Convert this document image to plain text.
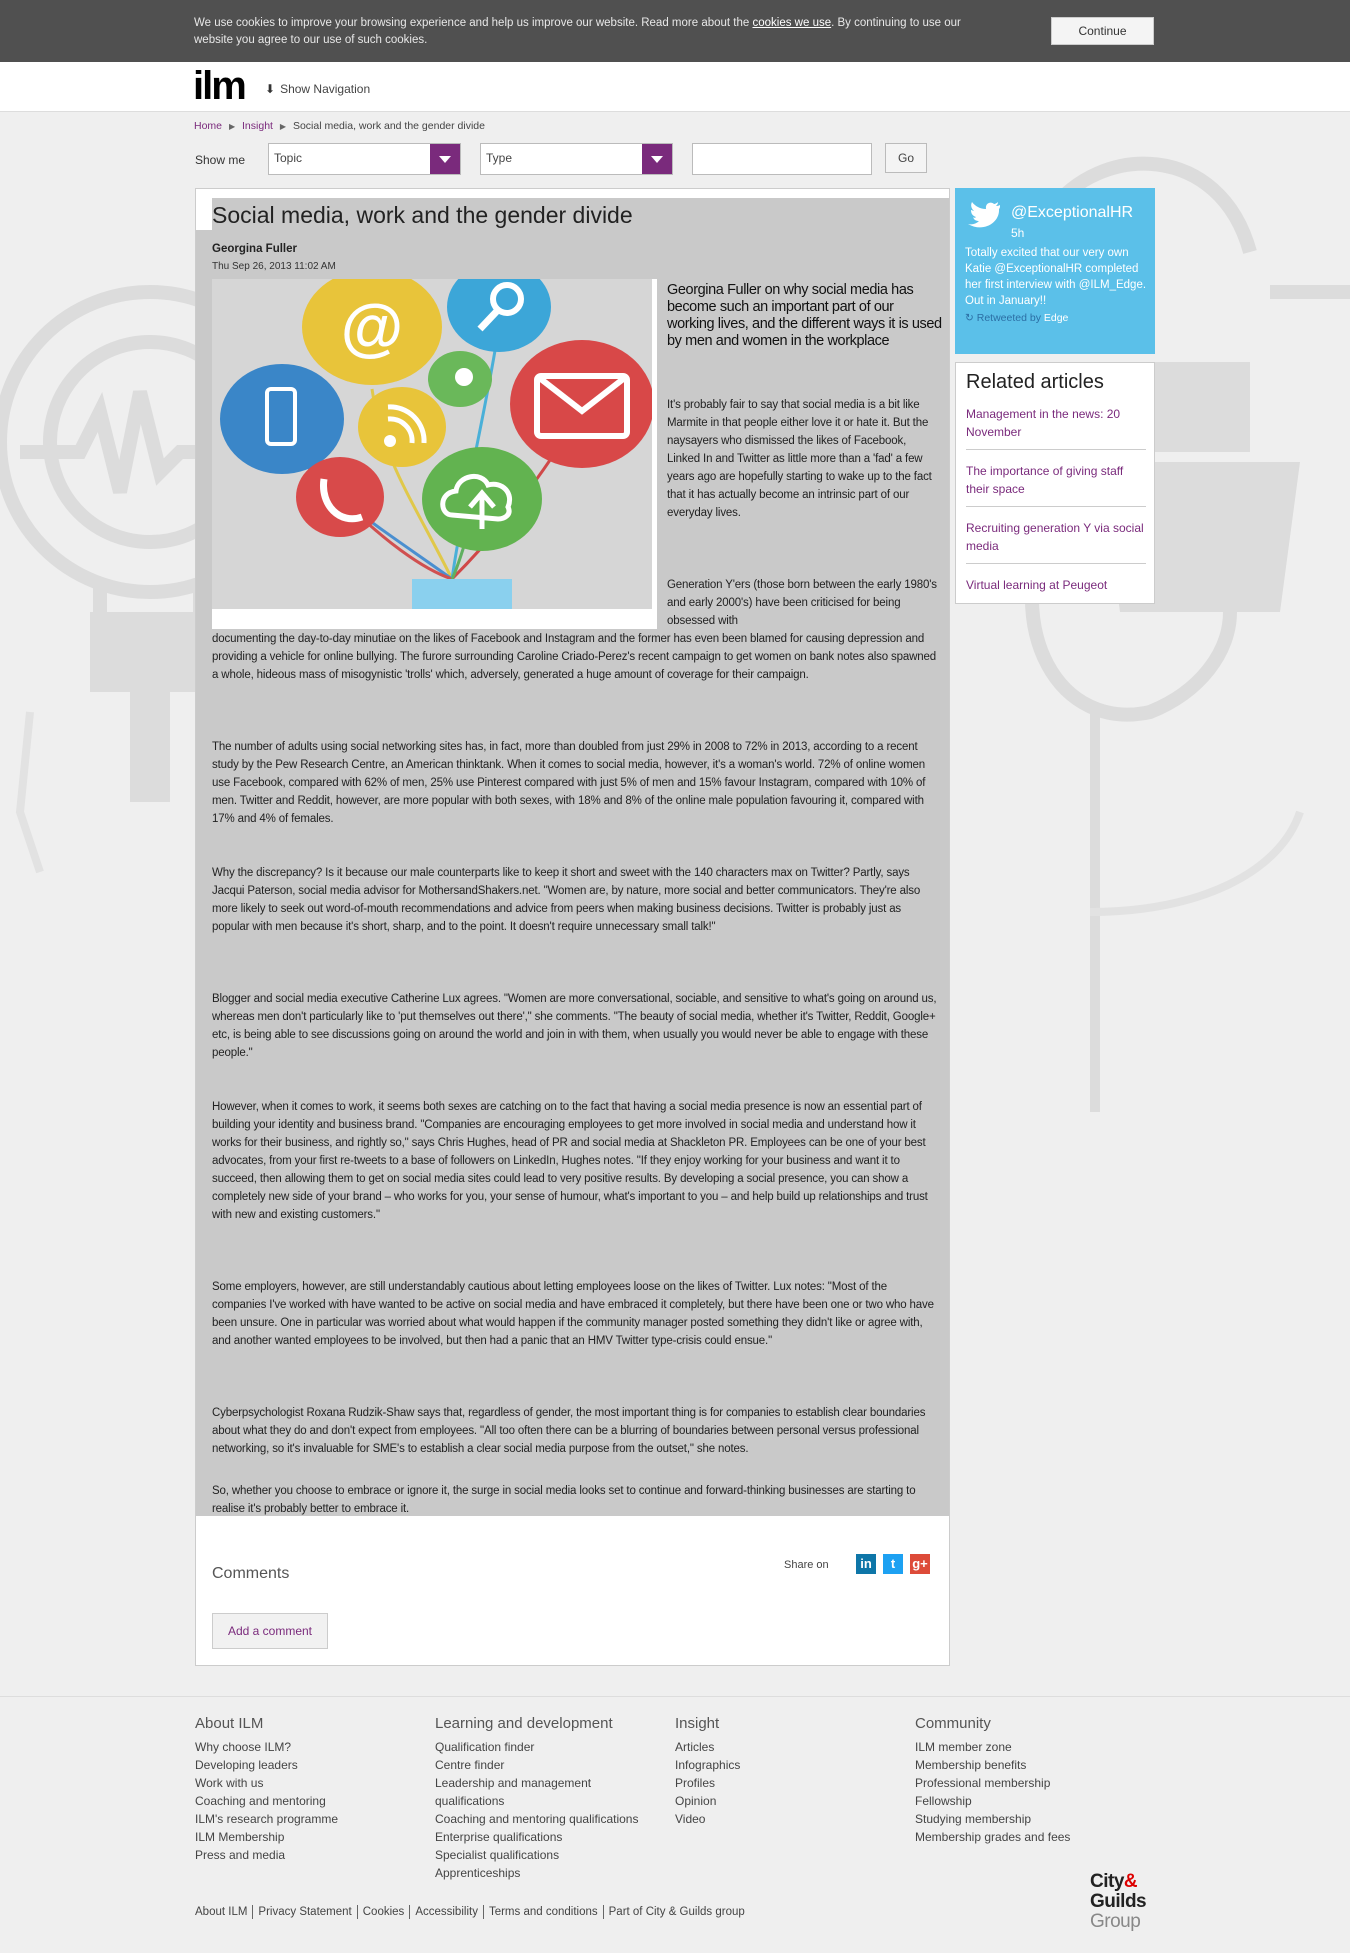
We use cookies to improve your browsing experience and help us improve our website. Read more about the cookies we use. By continuing to use our website you agree to our use of such cookies.
Continue
ilm ⬇ Show Navigation
Home ▶ Insight ▶ Social media, work and the gender divide
Show me Topic	Type	Go
Social media, work and the gender divide
Georgina Fuller
Thu Sep 26, 2013 11:02 AM
@
Georgina Fuller on why social media has become such an important part of our working lives, and the different ways it is used by men and women in the workplace

It's probably fair to say that social media is a bit like Marmite in that people either love it or hate it. But the naysayers who dismissed the likes of Facebook, Linked In and Twitter as little more than a 'fad' a few years ago are hopefully starting to wake up to the fact that it has actually become an intrinsic part of our everyday lives.

Generation Y'ers (those born between the early 1980's and early 2000's) have been criticised for being obsessed with

documenting the day-to-day minutiae on the likes of Facebook and Instagram and the former has even been blamed for causing depression and providing a vehicle for online bullying. The furore surrounding Caroline Criado-Perez's recent campaign to get women on bank notes also spawned a whole, hideous mass of misogynistic 'trolls' which, adversely, generated a huge amount of coverage for their campaign.

The number of adults using social networking sites has, in fact, more than doubled from just 29% in 2008 to 72% in 2013, according to a recent study by the Pew Research Centre, an American thinktank. When it comes to social media, however, it's a woman's world. 72% of online women use Facebook, compared with 62% of men, 25% use Pinterest compared with just 5% of men and 15% favour Instagram, compared with 10% of men. Twitter and Reddit, however, are more popular with both sexes, with 18% and 8% of the online male population favouring it, compared with 17% and 4% of females.

Why the discrepancy? Is it because our male counterparts like to keep it short and sweet with the 140 characters max on Twitter? Partly, says Jacqui Paterson, social media advisor for MothersandShakers.net. "Women are, by nature, more social and better communicators. They're also more likely to seek out word-of-mouth recommendations and advice from peers when making business decisions. Twitter is probably just as popular with men because it's short, sharp, and to the point. It doesn't require unnecessary small talk!"

Blogger and social media executive Catherine Lux agrees. "Women are more conversational, sociable, and sensitive to what's going on around us, whereas men don't particularly like to 'put themselves out there'," she comments. "The beauty of social media, whether it's Twitter, Reddit, Google+ etc, is being able to see discussions going on around the world and join in with them, when usually you would never be able to engage with these people."

However, when it comes to work, it seems both sexes are catching on to the fact that having a social media presence is now an essential part of building your identity and business brand. "Companies are encouraging employees to get more involved in social media and understand how it works for their business, and rightly so," says Chris Hughes, head of PR and social media at Shackleton PR. Employees can be one of your best advocates, from your first re-tweets to a base of followers on LinkedIn, Hughes notes. "If they enjoy working for your business and want it to succeed, then allowing them to get on social media sites could lead to very positive results. By developing a social presence, you can show a completely new side of your brand – who works for you, your sense of humour, what's important to you – and help build up relationships and trust with new and existing customers."

Some employers, however, are still understandably cautious about letting employees loose on the likes of Twitter. Lux notes: "Most of the companies I've worked with have wanted to be active on social media and have embraced it completely, but there have been one or two who have been unsure. One in particular was worried about what would happen if the community manager posted something they didn't like or agree with, and another wanted employees to be involved, but then had a panic that an HMV Twitter type-crisis could ensue."

Cyberpsychologist Roxana Rudzik-Shaw says that, regardless of gender, the most important thing is for companies to establish clear boundaries about what they do and don't expect from employees. "All too often there can be a blurring of boundaries between personal versus professional networking, so it's invaluable for SME's to establish a clear social media purpose from the outset," she notes.

So, whether you choose to embrace or ignore it, the surge in social media looks set to continue and forward-thinking businesses are starting to realise it's probably better to embrace it.

Comments	Share on	in	t	g+
Add a comment
@ExceptionalHR
5h
Totally excited that our very own Katie @ExceptionalHR completed her first interview with @ILM_Edge. Out in January!!
↻ Retweeted by Edge
Related articles
Management in the news: 20 November
The importance of giving staff their space
Recruiting generation Y via social media
Virtual learning at Peugeot
About ILM
Why choose ILM?
Developing leaders
Work with us
Coaching and mentoring
ILM's research programme
ILM Membership
Press and media
Learning and development
Qualification finder
Centre finder
Leadership and management
qualifications
Coaching and mentoring qualifications
Enterprise qualifications
Specialist qualifications
Apprenticeships
Insight
Articles
Infographics
Profiles
Opinion
Video
Community
ILM member zone
Membership benefits
Professional membership
Fellowship
Studying membership
Membership grades and fees
About ILM Privacy Statement Cookies Accessibility Terms and conditions Part of City & Guilds group
City&
Guilds
Group
